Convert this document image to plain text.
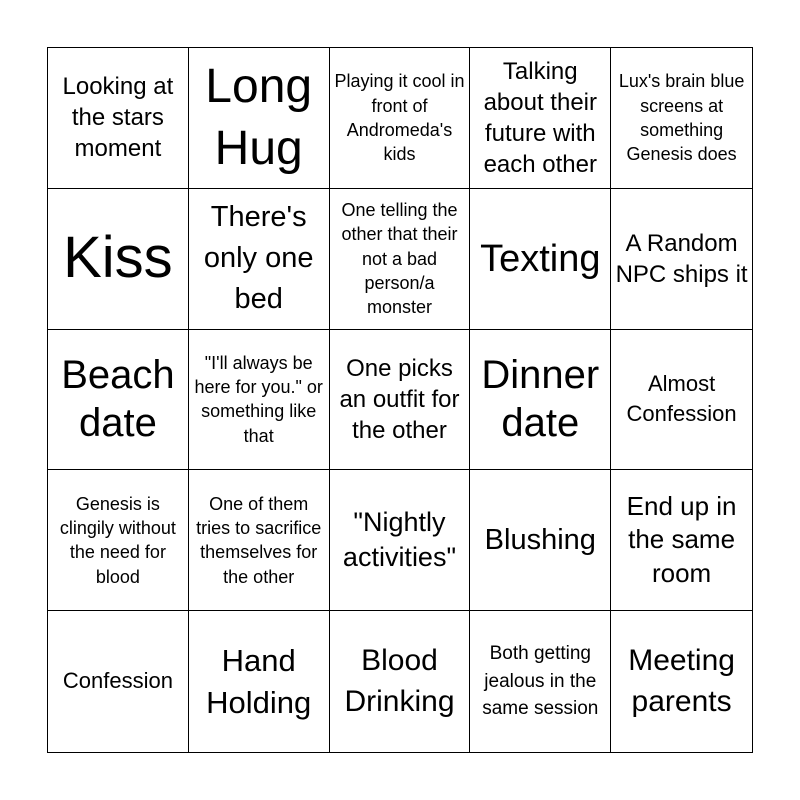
Looking at the stars moment
Long Hug
Playing it cool in front of Andromeda's kids
Talking about their future with each other
Lux's brain blue screens at something Genesis does
Kiss
There's only one bed
One telling the other that their not a bad person/a monster
Texting	A Random NPC ships it
Beach date
"I'll always be here for you." or something like that
One picks an outfit for the other
Dinner date
Almost Confession
Genesis is clingily without the need for blood
One of them tries to sacrifice themselves for the other
"Nightly activities"
Blushing
End up in the same room
Confession
Hand Holding
Blood Drinking
Both getting jealous in the same session
Meeting parents
